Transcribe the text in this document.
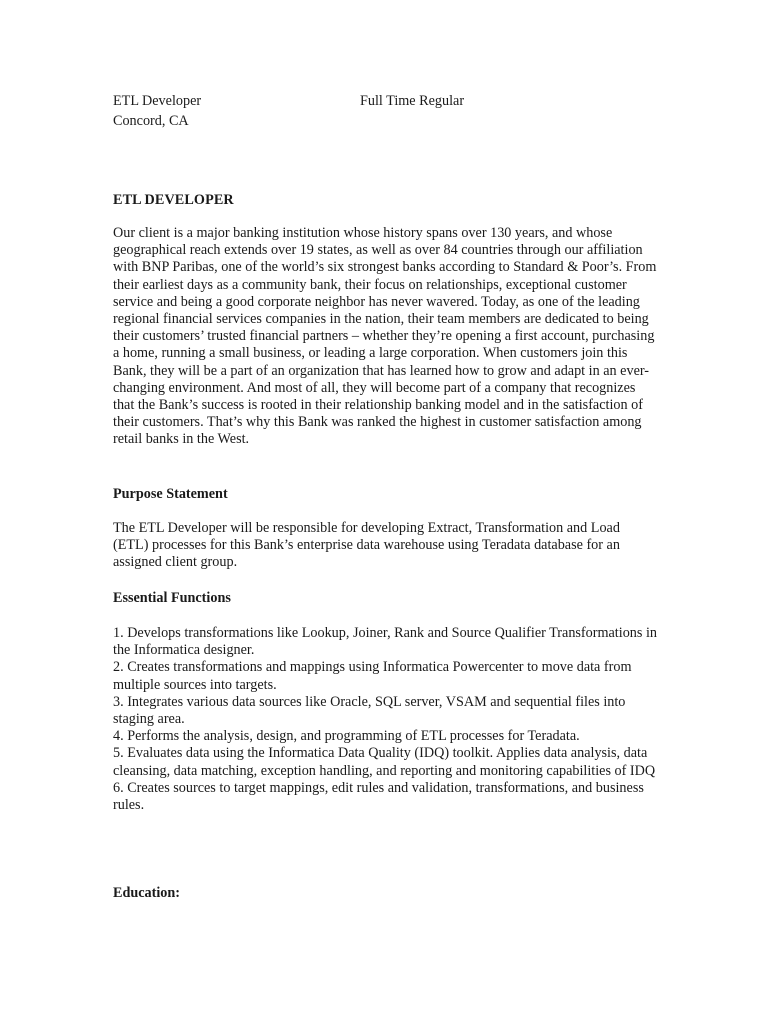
ETL Developer	Full Time Regular
Concord, CA
ETL DEVELOPER

Our client is a major banking institution whose history spans over 130 years, and whose geographical reach extends over 19 states, as well as over 84 countries through our affiliation with BNP Paribas, one of the world’s six strongest banks according to Standard & Poor’s. From their earliest days as a community bank, their focus on relationships, exceptional customer service and being a good corporate neighbor has never wavered. Today, as one of the leading regional financial services companies in the nation, their team members are dedicated to being their customers’ trusted financial partners – whether they’re opening a first account, purchasing a home, running a small business, or leading a large corporation. When customers join this Bank, they will be a part of an organization that has learned how to grow and adapt in an ever-changing environment. And most of all, they will become part of a company that recognizes that the Bank’s success is rooted in their relationship banking model and in the satisfaction of their customers. That’s why this Bank was ranked the highest in customer satisfaction among retail banks in the West.

Purpose Statement

The ETL Developer will be responsible for developing Extract, Transformation and Load (ETL) processes for this Bank’s enterprise data warehouse using Teradata database for an assigned client group.

Essential Functions
1. Develops transformations like Lookup, Joiner, Rank and Source Qualifier Transformations in the Informatica designer.
2. Creates transformations and mappings using Informatica Powercenter to move data from multiple sources into targets.
3. Integrates various data sources like Oracle, SQL server, VSAM and sequential files into staging area.
4. Performs the analysis, design, and programming of ETL processes for Teradata.
5. Evaluates data using the Informatica Data Quality (IDQ) toolkit. Applies data analysis, data cleansing, data matching, exception handling, and reporting and monitoring capabilities of IDQ
6. Creates sources to target mappings, edit rules and validation, transformations, and business rules.
Education:
